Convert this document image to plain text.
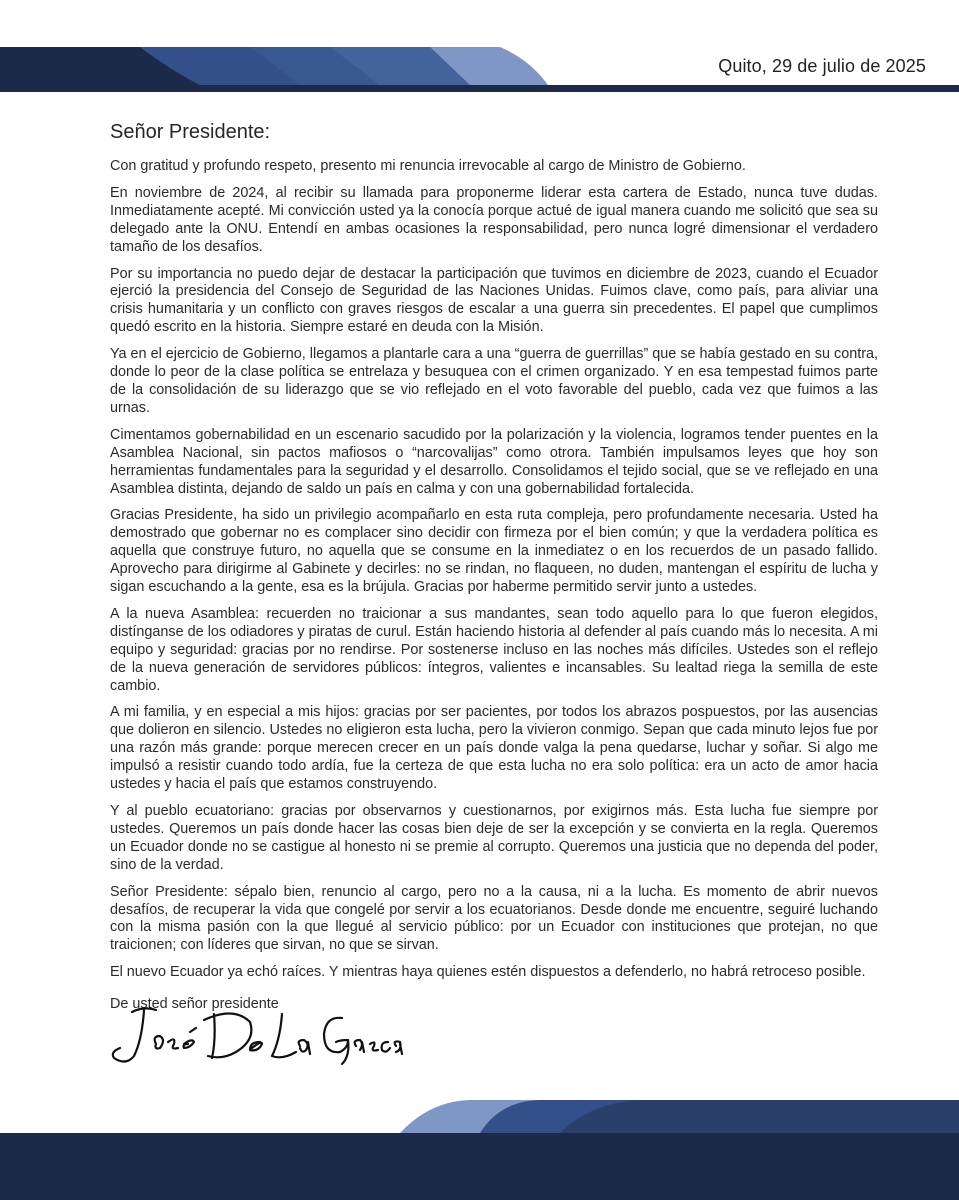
Quito, 29 de julio de 2025
Señor Presidente:

Con gratitud y profundo respeto, presento mi renuncia irrevocable al cargo de Ministro de Gobierno.

En noviembre de 2024, al recibir su llamada para proponerme liderar esta cartera de Estado, nunca tuve dudas. Inmediatamente acepté. Mi convicción usted ya la conocía porque actué de igual manera cuando me solicitó que sea su delegado ante la ONU. Entendí en ambas ocasiones la responsabilidad, pero nunca logré dimensionar el verdadero tamaño de los desafíos.

Por su importancia no puedo dejar de destacar la participación que tuvimos en diciembre de 2023, cuando el Ecuador ejerció la presidencia del Consejo de Seguridad de las Naciones Unidas. Fuimos clave, como país, para aliviar una crisis humanitaria y un conflicto con graves riesgos de escalar a una guerra sin precedentes. El papel que cumplimos quedó escrito en la historia. Siempre estaré en deuda con la Misión.

Ya en el ejercicio de Gobierno, llegamos a plantarle cara a una “guerra de guerrillas” que se había gestado en su contra, donde lo peor de la clase política se entrelaza y besuquea con el crimen organizado. Y en esa tempestad fuimos parte de la consolidación de su liderazgo que se vio reflejado en el voto favorable del pueblo, cada vez que fuimos a las urnas.

Cimentamos gobernabilidad en un escenario sacudido por la polarización y la violencia, logramos tender puentes en la Asamblea Nacional, sin pactos mafiosos o “narcovalijas” como otrora. También impulsamos leyes que hoy son herramientas fundamentales para la seguridad y el desarrollo. Consolidamos el tejido social, que se ve reflejado en una Asamblea distinta, dejando de saldo un país en calma y con una gobernabilidad fortalecida.

Gracias Presidente, ha sido un privilegio acompañarlo en esta ruta compleja, pero profundamente necesaria. Usted ha demostrado que gobernar no es complacer sino decidir con firmeza por el bien común; y que la verdadera política es aquella que construye futuro, no aquella que se consume en la inmediatez o en los recuerdos de un pasado fallido. Aprovecho para dirigirme al Gabinete y decirles: no se rindan, no flaqueen, no duden, mantengan el espíritu de lucha y sigan escuchando a la gente, esa es la brújula. Gracias por haberme permitido servir junto a ustedes.

A la nueva Asamblea: recuerden no traicionar a sus mandantes, sean todo aquello para lo que fueron elegidos, distínganse de los odiadores y piratas de curul. Están haciendo historia al defender al país cuando más lo necesita. A mi equipo y seguridad: gracias por no rendirse. Por sostenerse incluso en las noches más difíciles. Ustedes son el reflejo de la nueva generación de servidores públicos: íntegros, valientes e incansables. Su lealtad riega la semilla de este cambio.

A mi familia, y en especial a mis hijos: gracias por ser pacientes, por todos los abrazos pospuestos, por las ausencias que dolieron en silencio. Ustedes no eligieron esta lucha, pero la vivieron conmigo. Sepan que cada minuto lejos fue por una razón más grande: porque merecen crecer en un país donde valga la pena quedarse, luchar y soñar. Si algo me impulsó a resistir cuando todo ardía, fue la certeza de que esta lucha no era solo política: era un acto de amor hacia ustedes y hacia el país que estamos construyendo.

Y al pueblo ecuatoriano: gracias por observarnos y cuestionarnos, por exigirnos más. Esta lucha fue siempre por ustedes. Queremos un país donde hacer las cosas bien deje de ser la excepción y se convierta en la regla. Queremos un Ecuador donde no se castigue al honesto ni se premie al corrupto. Queremos una justicia que no dependa del poder, sino de la verdad.

Señor Presidente: sépalo bien, renuncio al cargo, pero no a la causa, ni a la lucha. Es momento de abrir nuevos desafíos, de recuperar la vida que congelé por servir a los ecuatorianos. Desde donde me encuentre, seguiré luchando con la misma pasión con la que llegué al servicio público: por un Ecuador con instituciones que protejan, no que traicionen; con líderes que sirvan, no que se sirvan.

El nuevo Ecuador ya echó raíces. Y mientras haya quienes estén dispuestos a defenderlo, no habrá retroceso posible.

De usted señor presidente
